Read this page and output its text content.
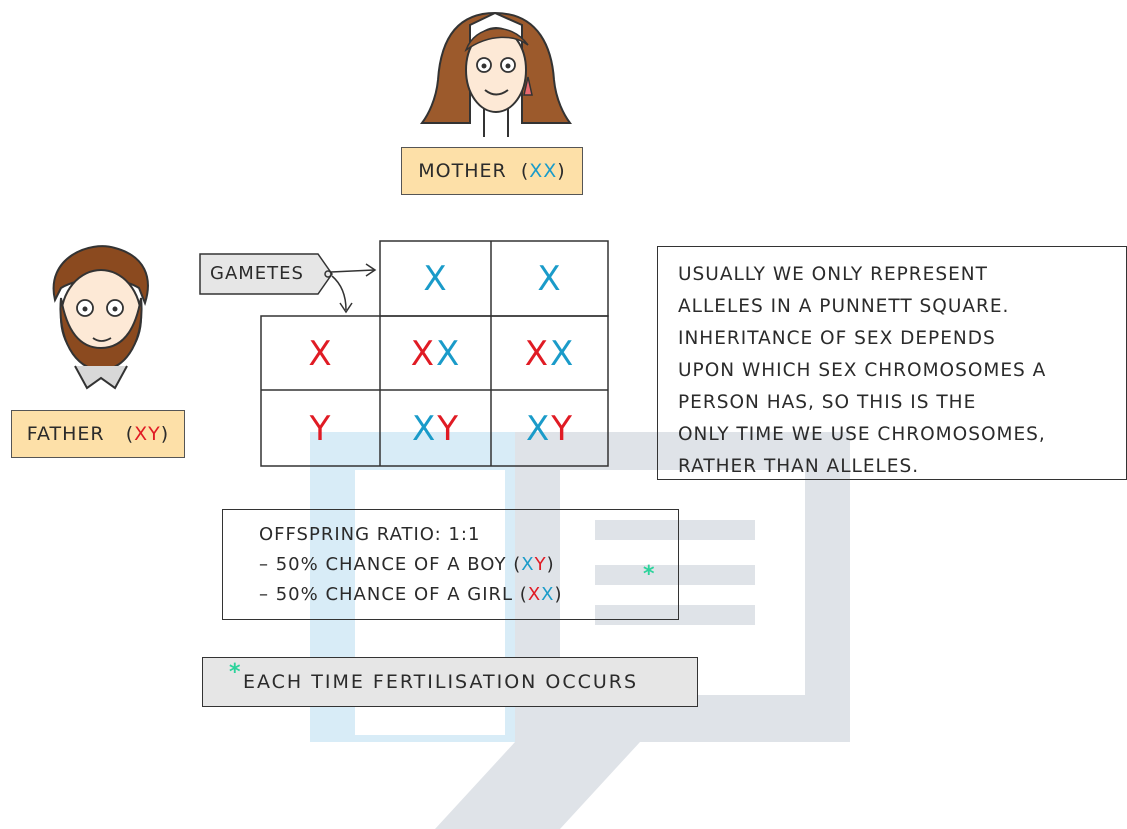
MOTHER ( XX )
FATHER ( XY )
GAMETES	X	X
X
Y
X X X X
X Y X Y
USUALLY WE ONLY REPRESENT
ALLELES IN A PUNNETT SQUARE.
INHERITANCE OF SEX DEPENDS
UPON WHICH SEX CHROMOSOMES A
PERSON HAS, SO THIS IS THE
ONLY TIME WE USE CHROMOSOMES,
RATHER THAN ALLELES.
OFFSPRING RATIO: 1:1
– 50% CHANCE OF A BOY (XY)
– 50% CHANCE OF A GIRL (XX)
*
* EACH TIME FERTILISATION OCCURS
